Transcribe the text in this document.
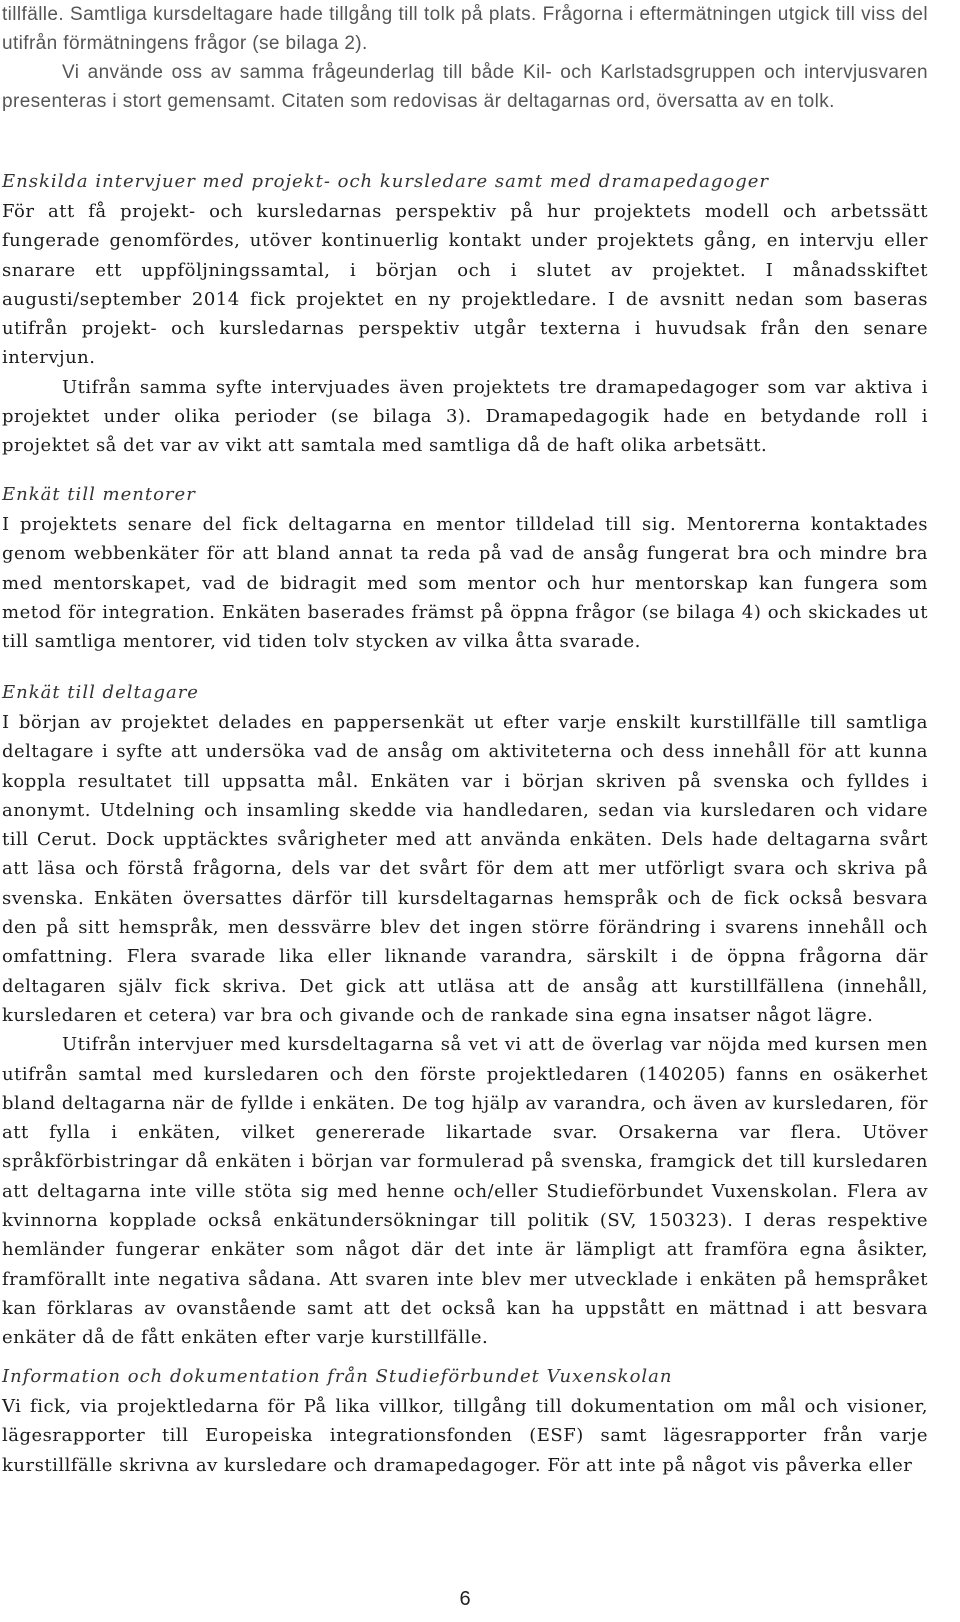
tillfälle. Samtliga kursdeltagare hade tillgång till tolk på plats. Frågorna i eftermätningen utgick till viss del utifrån förmätningens frågor (se bilaga 2).

Vi använde oss av samma frågeunderlag till både Kil- och Karlstadsgruppen och intervjusvaren presenteras i stort gemensamt. Citaten som redovisas är deltagarnas ord, översatta av en tolk.

Enskilda intervjuer med projekt- och kursledare samt med dramapedagoger

För att få projekt- och kursledarnas perspektiv på hur projektets modell och arbetssätt fungerade genomfördes, utöver kontinuerlig kontakt under projektets gång, en intervju eller snarare ett uppföljningssamtal, i början och i slutet av projektet. I månadsskiftet augusti/september 2014 fick projektet en ny projektledare. I de avsnitt nedan som baseras utifrån projekt- och kursledarnas perspektiv utgår texterna i huvudsak från den senare intervjun.

Utifrån samma syfte intervjuades även projektets tre dramapedagoger som var aktiva i projektet under olika perioder (se bilaga 3). Dramapedagogik hade en betydande roll i projektet så det var av vikt att samtala med samtliga då de haft olika arbetsätt.

Enkät till mentorer

I projektets senare del fick deltagarna en mentor tilldelad till sig. Mentorerna kontaktades genom webbenkäter för att bland annat ta reda på vad de ansåg fungerat bra och mindre bra med mentorskapet, vad de bidragit med som mentor och hur mentorskap kan fungera som metod för integration. Enkäten baserades främst på öppna frågor (se bilaga 4) och skickades ut till samtliga mentorer, vid tiden tolv stycken av vilka åtta svarade.

Enkät till deltagare

I början av projektet delades en pappersenkät ut efter varje enskilt kurstillfälle till samtliga deltagare i syfte att undersöka vad de ansåg om aktiviteterna och dess innehåll för att kunna koppla resultatet till uppsatta mål. Enkäten var i början skriven på svenska och fylldes i anonymt. Utdelning och insamling skedde via handledaren, sedan via kursledaren och vidare till Cerut. Dock upptäcktes svårigheter med att använda enkäten. Dels hade deltagarna svårt att läsa och förstå frågorna, dels var det svårt för dem att mer utförligt svara och skriva på svenska. Enkäten översattes därför till kursdeltagarnas hemspråk och de fick också besvara den på sitt hemspråk, men dessvärre blev det ingen större förändring i svarens innehåll och omfattning. Flera svarade lika eller liknande varandra, särskilt i de öppna frågorna där deltagaren själv fick skriva. Det gick att utläsa att de ansåg att kurstillfällena (innehåll, kursledaren et cetera) var bra och givande och de rankade sina egna insatser något lägre.

Utifrån intervjuer med kursdeltagarna så vet vi att de överlag var nöjda med kursen men utifrån samtal med kursledaren och den förste projektledaren (140205) fanns en osäkerhet bland deltagarna när de fyllde i enkäten. De tog hjälp av varandra, och även av kursledaren, för att fylla i enkäten, vilket genererade likartade svar. Orsakerna var flera. Utöver språkförbistringar då enkäten i början var formulerad på svenska, framgick det till kursledaren att deltagarna inte ville stöta sig med henne och/eller Studieförbundet Vuxenskolan. Flera av kvinnorna kopplade också enkätundersökningar till politik (SV, 150323). I deras respektive hemländer fungerar enkäter som något där det inte är lämpligt att framföra egna åsikter, framförallt inte negativa sådana. Att svaren inte blev mer utvecklade i enkäten på hemspråket kan förklaras av ovanstående samt att det också kan ha uppstått en mättnad i att besvara enkäter då de fått enkäten efter varje kurstillfälle.

Information och dokumentation från Studieförbundet Vuxenskolan

Vi fick, via projektledarna för På lika villkor, tillgång till dokumentation om mål och visioner, lägesrapporter till Europeiska integrationsfonden (ESF) samt lägesrapporter från varje kurstillfälle skrivna av kursledare och dramapedagoger. För att inte på något vis påverka eller

6
